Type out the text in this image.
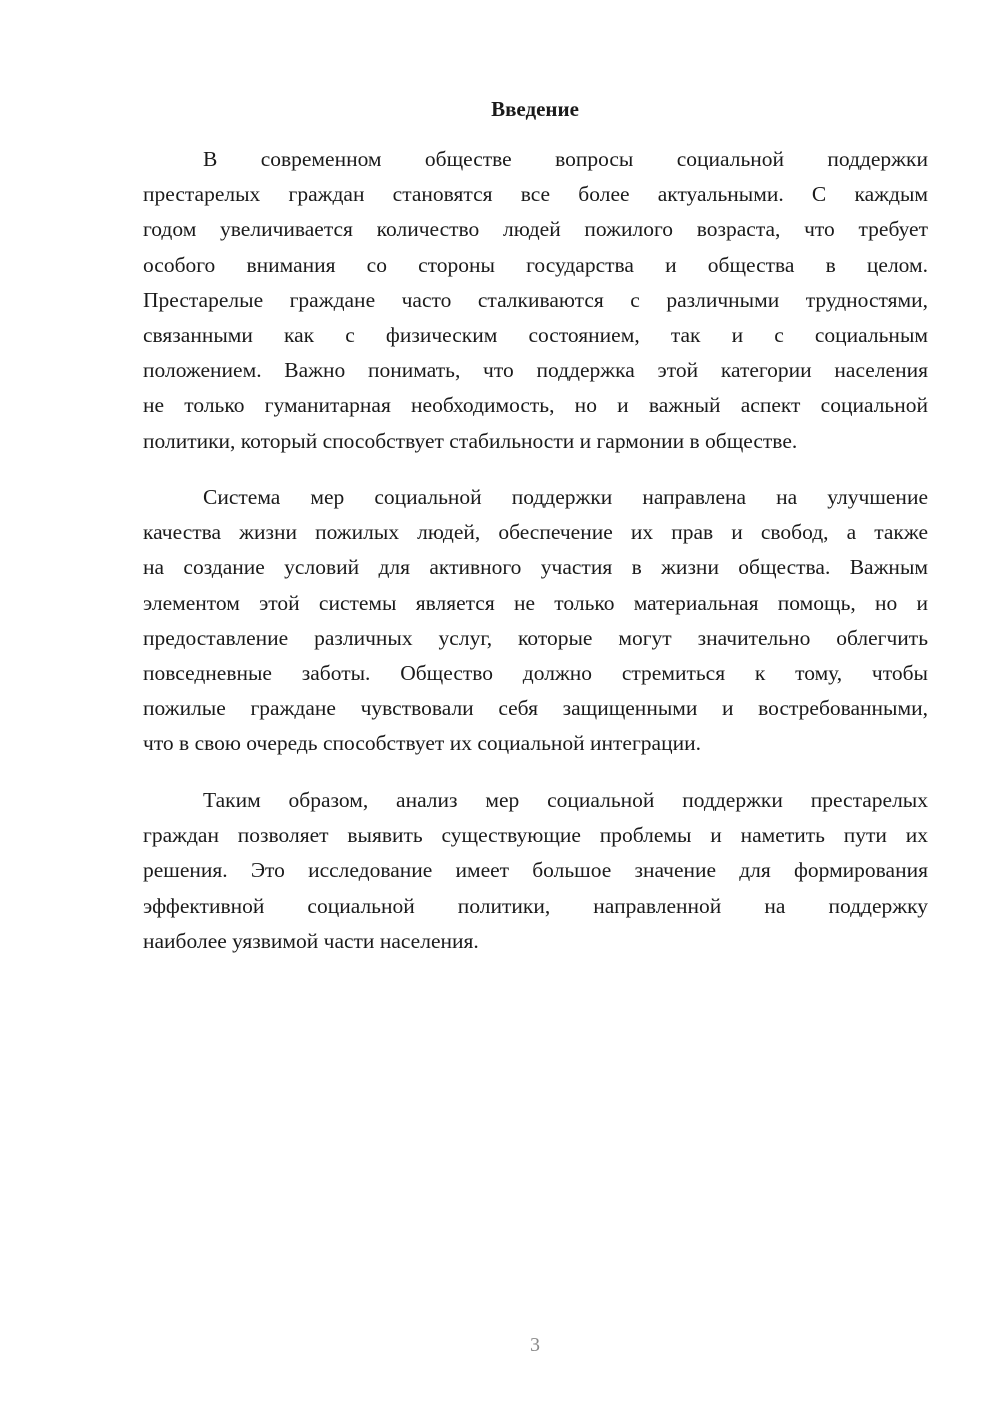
Введение
В современном обществе вопросы социальной поддержки
престарелых граждан становятся все более актуальными. С каждым
годом увеличивается количество людей пожилого возраста, что требует
особого внимания со стороны государства и общества в целом.
Престарелые граждане часто сталкиваются с различными трудностями,
связанными как с физическим состоянием, так и с социальным
положением. Важно понимать, что поддержка этой категории населения
не только гуманитарная необходимость, но и важный аспект социальной
политики, который способствует стабильности и гармонии в обществе.
Система мер социальной поддержки направлена на улучшение
качества жизни пожилых людей, обеспечение их прав и свобод, а также
на создание условий для активного участия в жизни общества. Важным
элементом этой системы является не только материальная помощь, но и
предоставление различных услуг, которые могут значительно облегчить
повседневные заботы. Общество должно стремиться к тому, чтобы
пожилые граждане чувствовали себя защищенными и востребованными,
что в свою очередь способствует их социальной интеграции.
Таким образом, анализ мер социальной поддержки престарелых
граждан позволяет выявить существующие проблемы и наметить пути их
решения. Это исследование имеет большое значение для формирования
эффективной социальной политики, направленной на поддержку
наиболее уязвимой части населения.
3
